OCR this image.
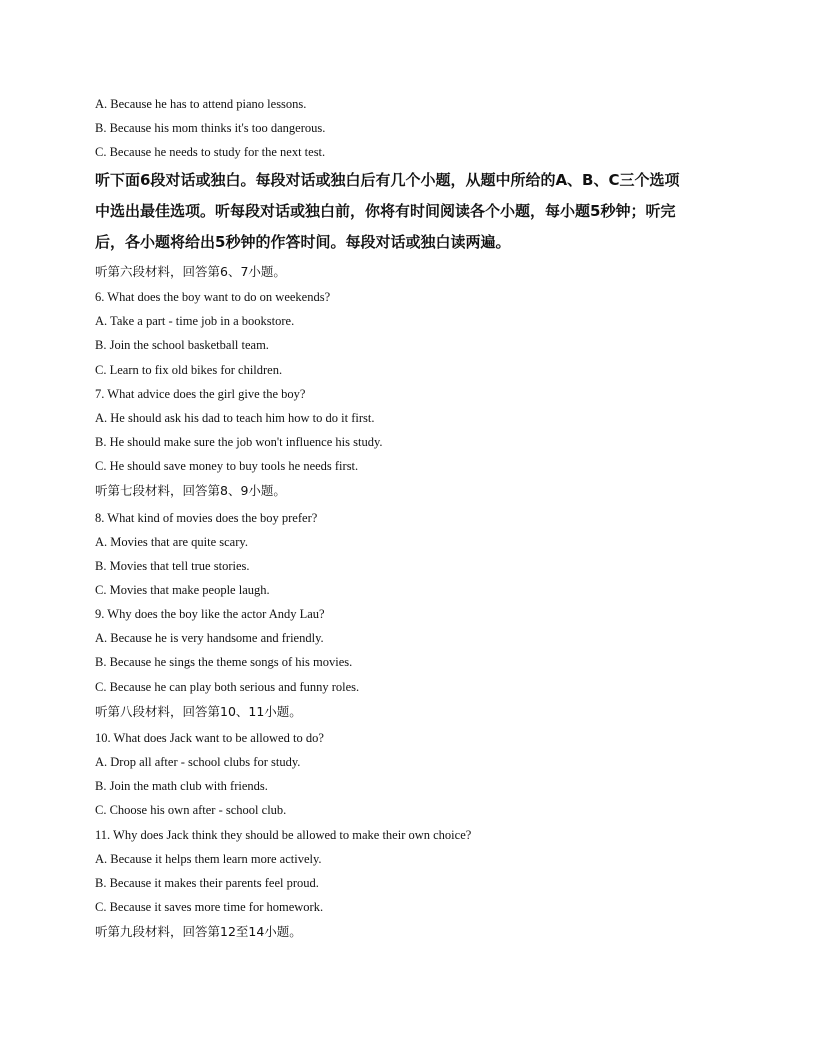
A. Because he has to attend piano lessons.
B. Because his mom thinks it's too dangerous.
C. Because he needs to study for the next test.
听下面6段对话或独白。每段对话或独白后有几个小题，从题中所给的A、B、C三个选项
中选出最佳选项。听每段对话或独白前，你将有时间阅读各个小题，每小题5秒钟；听完
后，各小题将给出5秒钟的作答时间。每段对话或独白读两遍。
听第六段材料，回答第6、7小题。
6. What does the boy want to do on weekends?
A. Take a part - time job in a bookstore.
B. Join the school basketball team.
C. Learn to fix old bikes for children.
7. What advice does the girl give the boy?
A. He should ask his dad to teach him how to do it first.
B. He should make sure the job won't influence his study.
C. He should save money to buy tools he needs first.
听第七段材料，回答第8、9小题。
8. What kind of movies does the boy prefer?
A. Movies that are quite scary.
B. Movies that tell true stories.
C. Movies that make people laugh.
9. Why does the boy like the actor Andy Lau?
A. Because he is very handsome and friendly.
B. Because he sings the theme songs of his movies.
C. Because he can play both serious and funny roles.
听第八段材料，回答第10、11小题。
10. What does Jack want to be allowed to do?
A. Drop all after - school clubs for study.
B. Join the math club with friends.
C. Choose his own after - school club.
11. Why does Jack think they should be allowed to make their own choice?
A. Because it helps them learn more actively.
B. Because it makes their parents feel proud.
C. Because it saves more time for homework.
听第九段材料，回答第12至14小题。
